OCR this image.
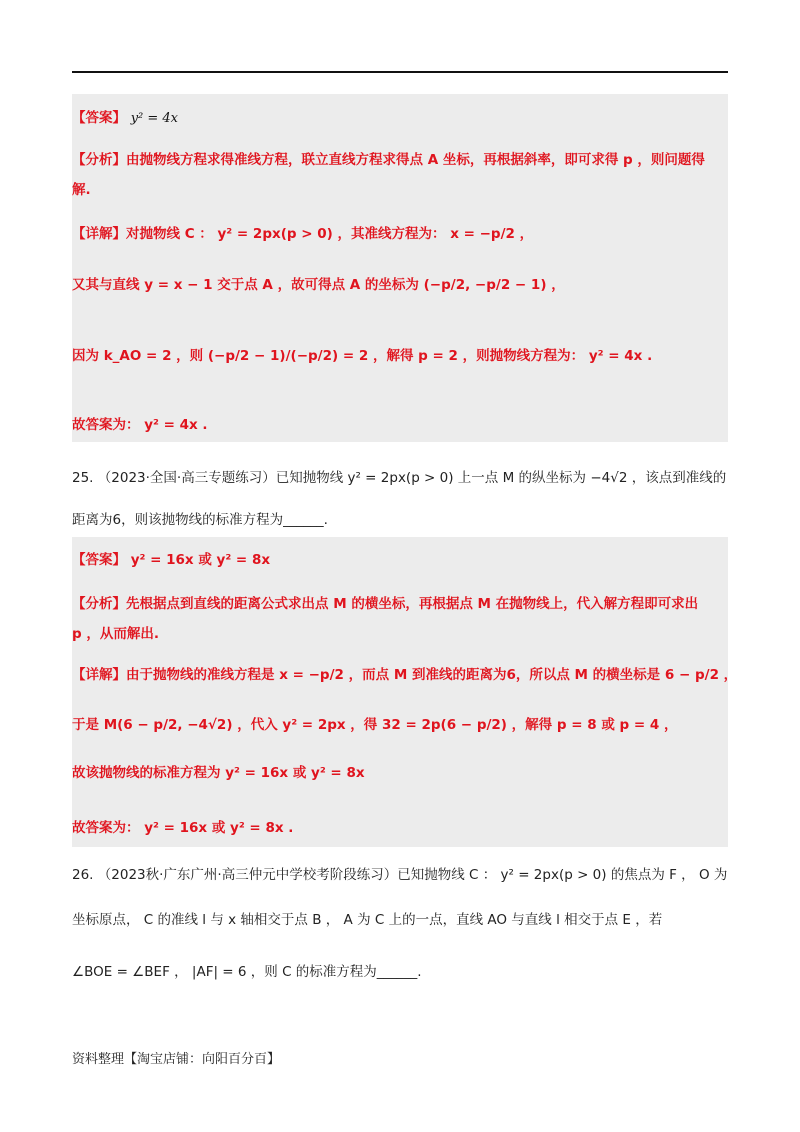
【答案】 y² = 4x
【分析】由抛物线方程求得准线方程，联立直线方程求得点 A 坐标，再根据斜率，即可求得 p ，则问题得
解.
【详解】对抛物线 C ： y² = 2px(p > 0) ，其准线方程为： x = −p/2 ，
又其与直线 y = x − 1 交于点 A ，故可得点 A 的坐标为 (−p/2, −p/2 − 1) ，
因为 k_AO = 2 ，则 (−p/2 − 1)/(−p/2) = 2 ，解得 p = 2 ，则抛物线方程为： y² = 4x .
故答案为： y² = 4x .
25. （2023·全国·高三专题练习）已知抛物线 y² = 2px(p > 0) 上一点 M 的纵坐标为 −4√2 ，该点到准线的
距离为6，则该抛物线的标准方程为______.
【答案】 y² = 16x 或 y² = 8x
【分析】先根据点到直线的距离公式求出点 M 的横坐标，再根据点 M 在抛物线上，代入解方程即可求出
p ，从而解出.
【详解】由于抛物线的准线方程是 x = −p/2 ，而点 M 到准线的距离为6，所以点 M 的横坐标是 6 − p/2 ，
于是 M(6 − p/2, −4√2) ，代入 y² = 2px ，得 32 = 2p(6 − p/2) ，解得 p = 8 或 p = 4 ，
故该抛物线的标准方程为 y² = 16x 或 y² = 8x
故答案为： y² = 16x 或 y² = 8x .
26. （2023秋·广东广州·高三仲元中学校考阶段练习）已知抛物线 C ： y² = 2px(p > 0) 的焦点为 F ， O 为
坐标原点， C 的准线 l 与 x 轴相交于点 B ， A 为 C 上的一点，直线 AO 与直线 l 相交于点 E ，若
∠BOE = ∠BEF ， |AF| = 6 ，则 C 的标准方程为______.
资料整理【淘宝店铺：向阳百分百】
